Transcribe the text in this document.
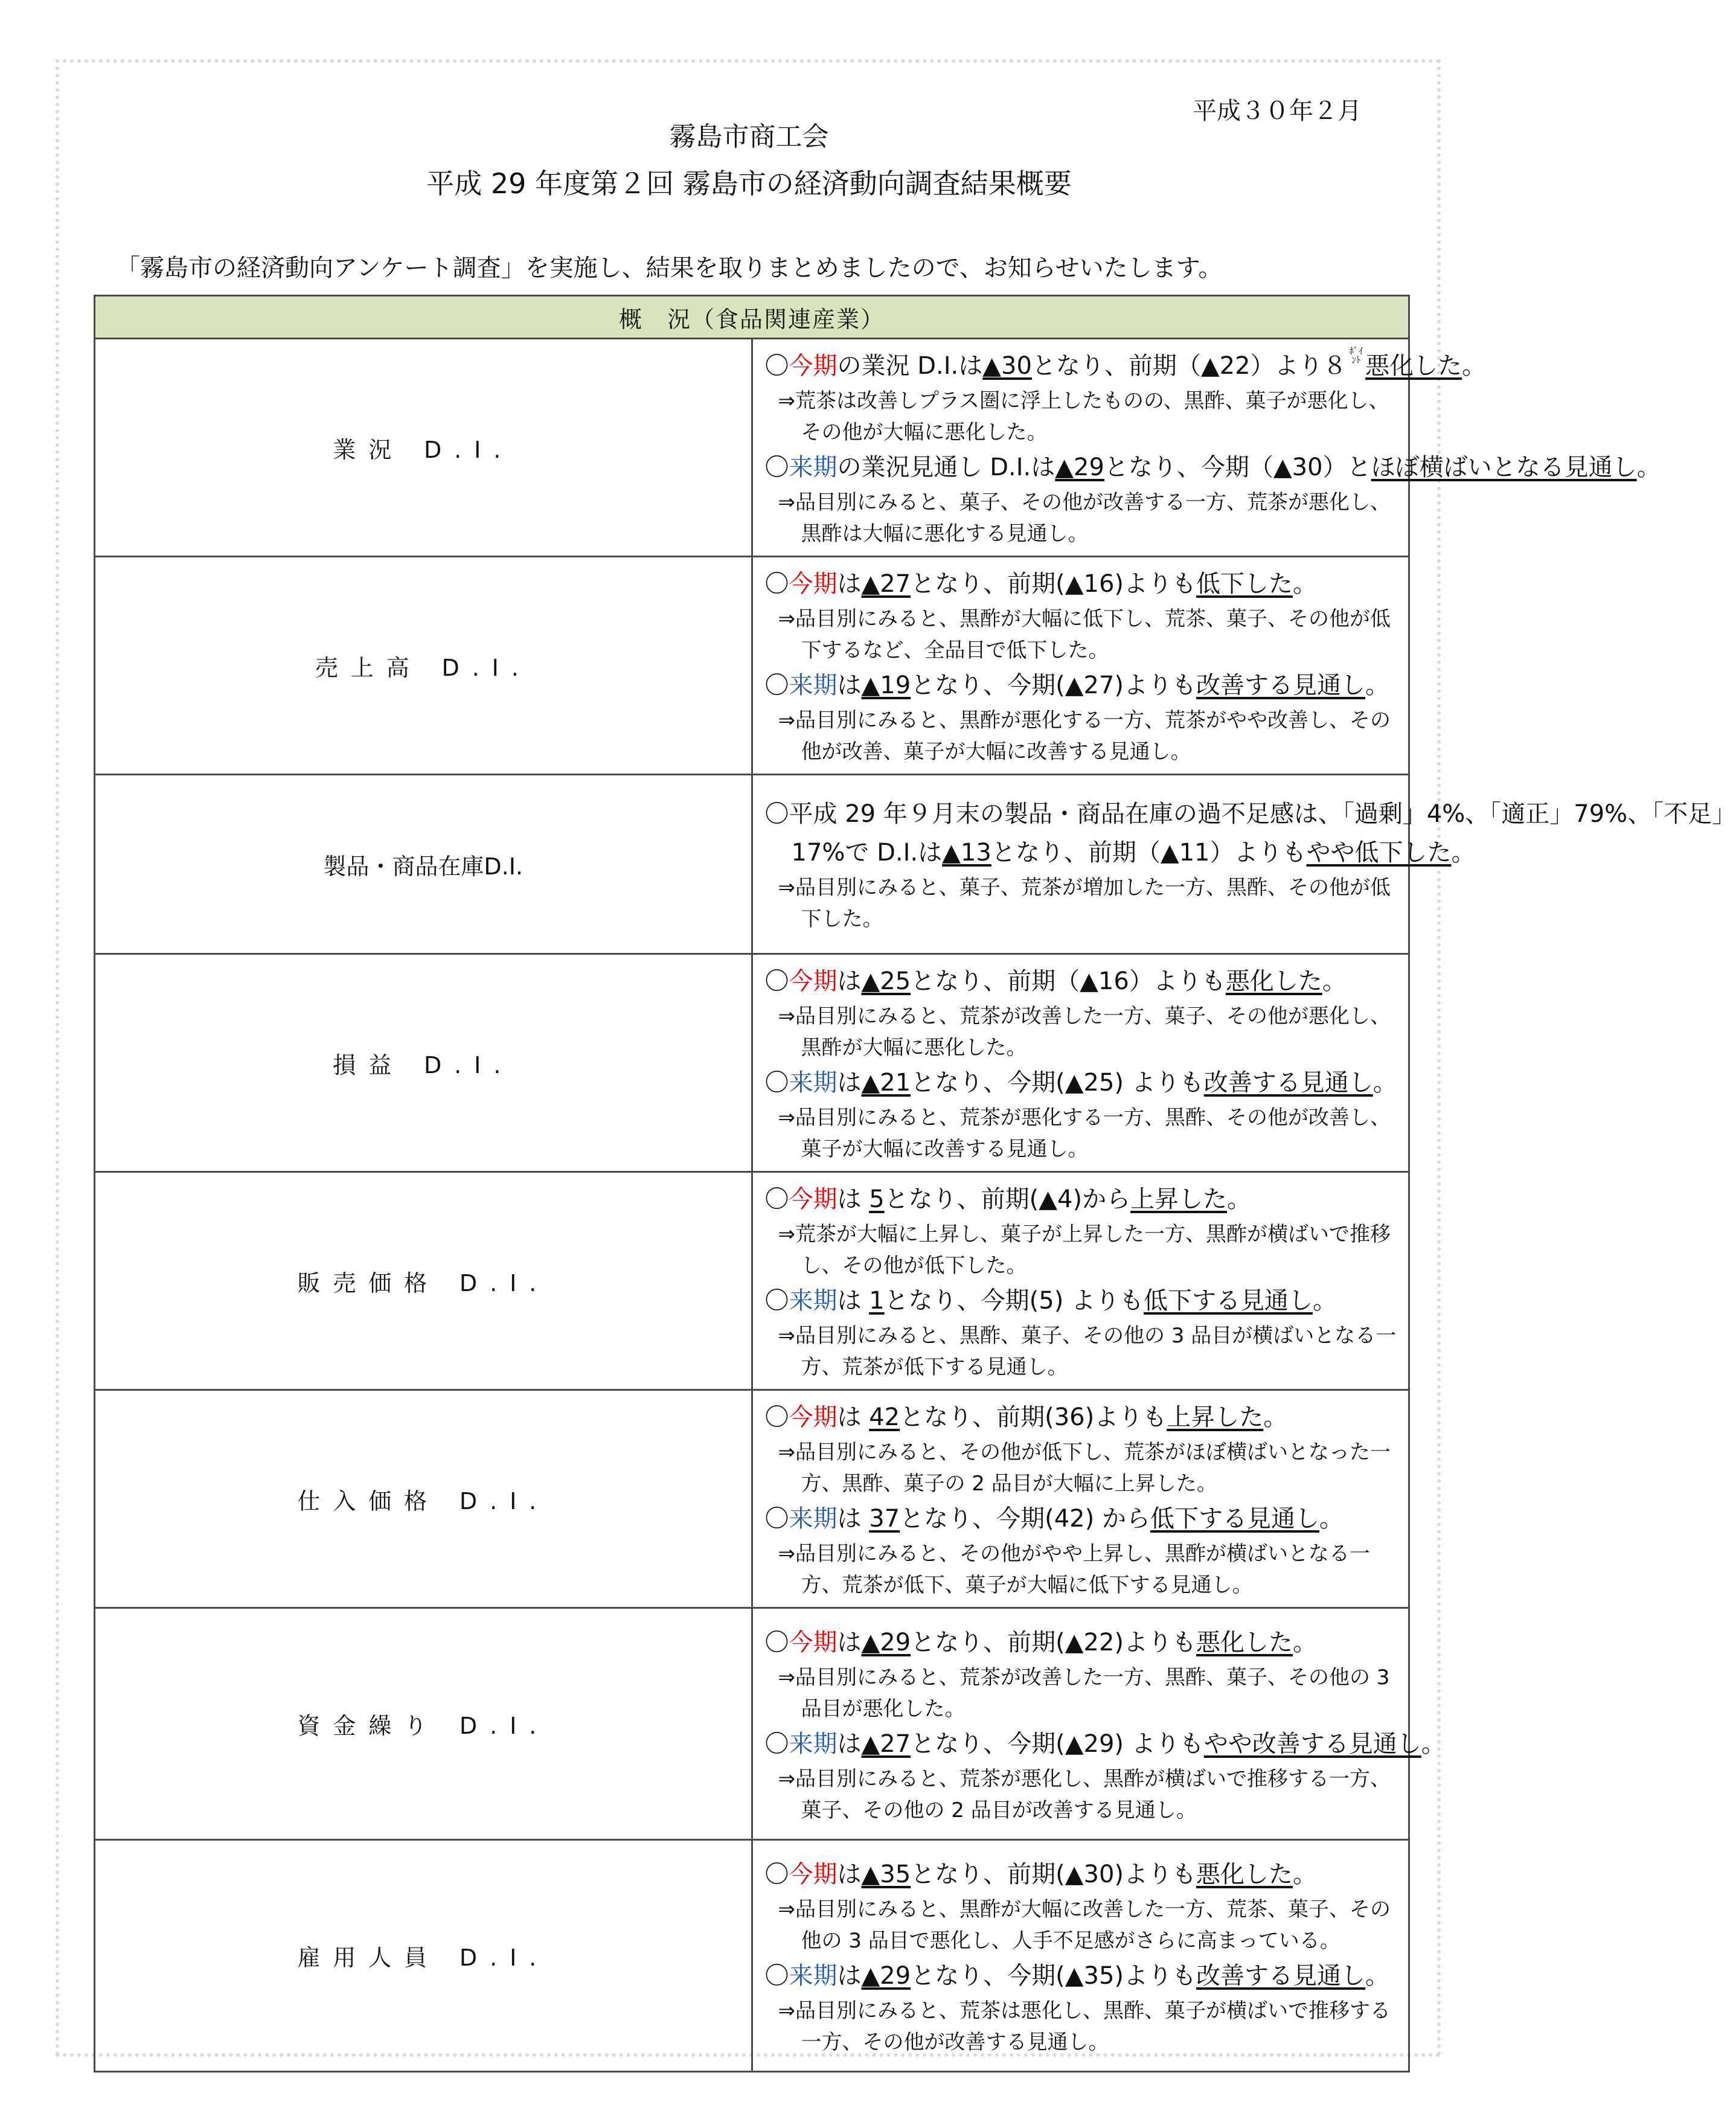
平成３０年２月
霧島市商工会
平成 29 年度第２回 霧島市の経済動向調査結果概要
「霧島市の経済動向アンケート調査」を実施し、結果を取りまとめましたので、お知らせいたします。
概　況（食品関連産業）	
業況 D.I.	〇今期の業況 D.I.は▲30となり、前期（▲22）より８ﾎﾟｲ
ﾝﾄ 悪化した。
⇒荒茶は改善しプラス圏に浮上したものの、黒酢、菓子が悪化し、その他が大幅に悪化した。
〇来期の業況見通し D.I.は▲29となり、今期（▲30）とほぼ横ばいとなる見通し。
⇒品目別にみると、菓子、その他が改善する一方、荒茶が悪化し、黒酢は大幅に悪化する見通し。

売上高 D.I.	〇今期は▲27となり、前期(▲16)よりも低下した。
⇒品目別にみると、黒酢が大幅に低下し、荒茶、菓子、その他が低下するなど、全品目で低下した。
〇来期は▲19となり、今期(▲27)よりも改善する見通し。
⇒品目別にみると、黒酢が悪化する一方、荒茶がやや改善し、その他が改善、菓子が大幅に改善する見通し。

製品・商品在庫D.I.	〇平成 29 年９月末の製品・商品在庫の過不足感は、「過剰」4%、「適正」79%、「不足」
17%で D.I.は▲13となり、前期（▲11）よりもやや低下した。
⇒品目別にみると、菓子、荒茶が増加した一方、黒酢、その他が低下した。

損益 D.I.	〇今期は▲25となり、前期（▲16）よりも悪化した。
⇒品目別にみると、荒茶が改善した一方、菓子、その他が悪化し、黒酢が大幅に悪化した。
〇来期は▲21となり、今期(▲25) よりも改善する見通し。
⇒品目別にみると、荒茶が悪化する一方、黒酢、その他が改善し、菓子が大幅に改善する見通し。

販売価格 D.I.	〇今期は 5となり、前期(▲4)から上昇した。
⇒荒茶が大幅に上昇し、菓子が上昇した一方、黒酢が横ばいで推移し、その他が低下した。
〇来期は 1となり、今期(5) よりも低下する見通し。
⇒品目別にみると、黒酢、菓子、その他の 3 品目が横ばいとなる一方、荒茶が低下する見通し。

仕入価格 D.I.	〇今期は 42となり、前期(36)よりも上昇した。
⇒品目別にみると、その他が低下し、荒茶がほぼ横ばいとなった一方、黒酢、菓子の 2 品目が大幅に上昇した。
〇来期は 37となり、今期(42) から低下する見通し。
⇒品目別にみると、その他がやや上昇し、黒酢が横ばいとなる一方、荒茶が低下、菓子が大幅に低下する見通し。

資金繰り D.I.	〇今期は▲29となり、前期(▲22)よりも悪化した。
⇒品目別にみると、荒茶が改善した一方、黒酢、菓子、その他の 3 品目が悪化した。
〇来期は▲27となり、今期(▲29) よりもやや改善する見通し。
⇒品目別にみると、荒茶が悪化し、黒酢が横ばいで推移する一方、菓子、その他の 2 品目が改善する見通し。

雇用人員 D.I.	〇今期は▲35となり、前期(▲30)よりも悪化した。
⇒品目別にみると、黒酢が大幅に改善した一方、荒茶、菓子、その他の 3 品目で悪化し、人手不足感がさらに高まっている。
〇来期は▲29となり、今期(▲35)よりも改善する見通し。
⇒品目別にみると、荒茶は悪化し、黒酢、菓子が横ばいで推移する一方、その他が改善する見通し。
